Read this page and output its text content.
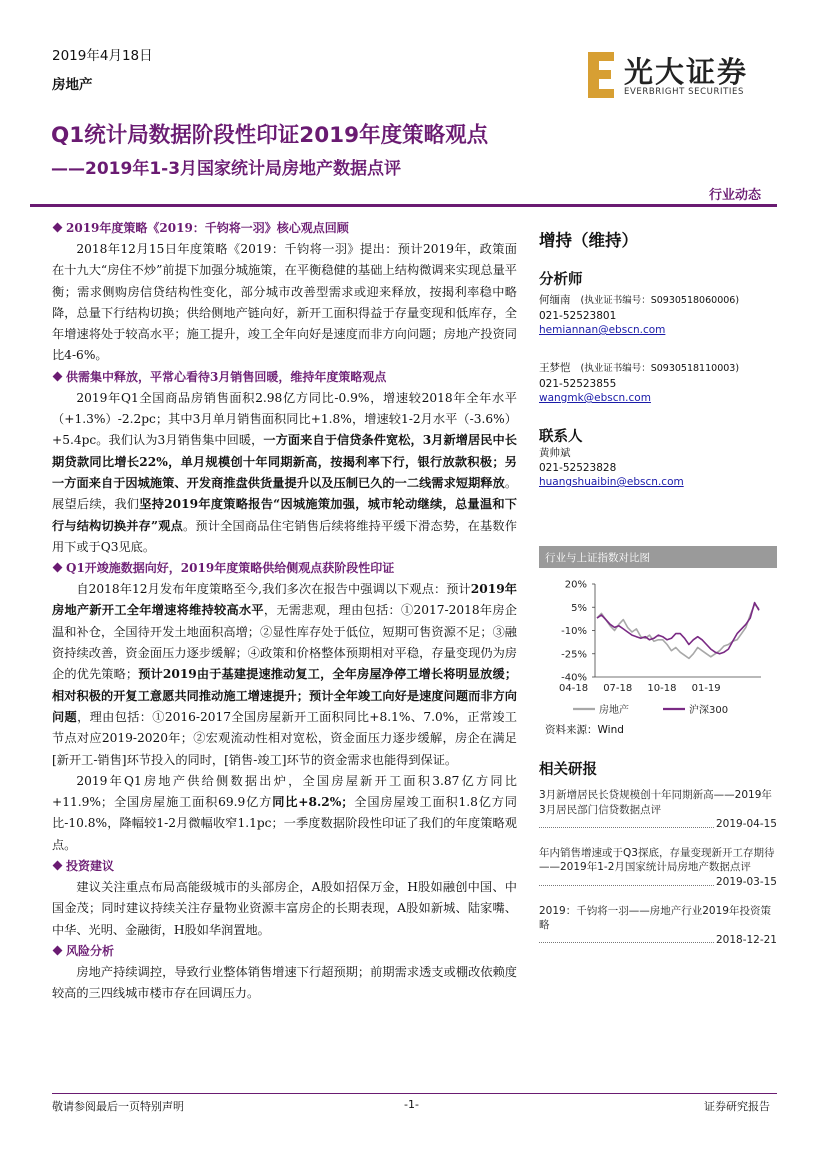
2019年4月18日
房地产	光大证券
EVERBRIGHT SECURITIES
Q1统计局数据阶段性印证2019年度策略观点
——2019年1-3月国家统计局房地产数据点评
行业动态

2019年度策略《2019：千钧将一羽》核心观点回顾

2018年12月15日年度策略《2019：千钧将一羽》提出：预计2019年，政策面在十九大“房住不炒”前提下加强分城施策，在平衡稳健的基础上结构微调来实现总量平衡；需求侧购房信贷结构性变化，部分城市改善型需求或迎来释放，按揭利率稳中略降，总量下行结构切换；供给侧地产链向好，新开工面积得益于存量变现和低库存，全年增速将处于较高水平；施工提升，竣工全年向好是速度而非方向问题；房地产投资同比4-6%。

供需集中释放，平常心看待3月销售回暖，维持年度策略观点

2019年Q1全国商品房销售面积2.98亿方同比-0.9%，增速较2018年全年水平（+1.3%）-2.2pc；其中3月单月销售面积同比+1.8%，增速较1-2月水平（-3.6%）+5.4pc。我们认为3月销售集中回暖，一方面来自于信贷条件宽松，3月新增居民中长期贷款同比增长22%，单月规模创十年同期新高，按揭利率下行，银行放款积极；另一方面来自于因城施策、开发商推盘供货量提升以及压制已久的一二线需求短期释放。展望后续，我们坚持2019年度策略报告“因城施策加强，城市轮动继续，总量温和下行与结构切换并存”观点。预计全国商品住宅销售后续将维持平缓下滑态势，在基数作用下或于Q3见底。

Q1开竣施数据向好，2019年度策略供给侧观点获阶段性印证

自2018年12月发布年度策略至今,我们多次在报告中强调以下观点：预计2019年房地产新开工全年增速将维持较高水平，无需悲观，理由包括：①2017-2018年房企温和补仓，全国待开发土地面积高增；②显性库存处于低位，短期可售资源不足；③融资持续改善，资金面压力逐步缓解；④政策和价格整体预期相对平稳，存量变现仍为房企的优先策略；预计2019由于基建提速推动复工，全年房屋净停工增长将明显放缓；相对积极的开复工意愿共同推动施工增速提升；预计全年竣工向好是速度问题而非方向问题，理由包括：①2016-2017全国房屋新开工面积同比+8.1%、7.0%，正常竣工节点对应2019-2020年；②宏观流动性相对宽松，资金面压力逐步缓解，房企在满足[新开工-销售]环节投入的同时，[销售-竣工]环节的资金需求也能得到保证。

2019年Q1房地产供给侧数据出炉，全国房屋新开工面积3.87亿方同比+11.9%；全国房屋施工面积69.9亿方同比+8.2%；全国房屋竣工面积1.8亿方同比-10.8%，降幅较1-2月微幅收窄1.1pc；一季度数据阶段性印证了我们的年度策略观点。

投资建议

建议关注重点布局高能级城市的头部房企，A股如招保万金，H股如融创中国、中国金茂；同时建议持续关注存量物业资源丰富房企的长期表现，A股如新城、陆家嘴、中华、光明、金融街，H股如华润置地。

风险分析

房地产持续调控，导致行业整体销售增速下行超预期；前期需求透支或棚改依赖度较高的三四线城市楼市存在回调压力。

增持（维持）
分析师
何缅南 (执业证书编号：S0930518060006)
021-52523801
hemiannan@ebscn.com
王梦恺 (执业证书编号：S0930518110003)
021-52523855
wangmk@ebscn.com
联系人
黄帅斌
021-52523828
huangshuaibin@ebscn.com
行业与上证指数对比图
20%
5%
-10%
-25%
-40%
04-18 07-18 10-18 01-19
房地产	沪深300
资料来源：Wind
相关研报
3月新增居民长贷规模创十年同期新高——2019年3月居民部门信贷数据点评
2019-04-15
年内销售增速或于Q3探底，存量变现新开工存期待——2019年1-2月国家统计局房地产数据点评
2019-03-15
2019：千钧将一羽——房地产行业2019年投资策略
2018-12-21
敬请参阅最后一页特别声明	-1-	证券研究报告
